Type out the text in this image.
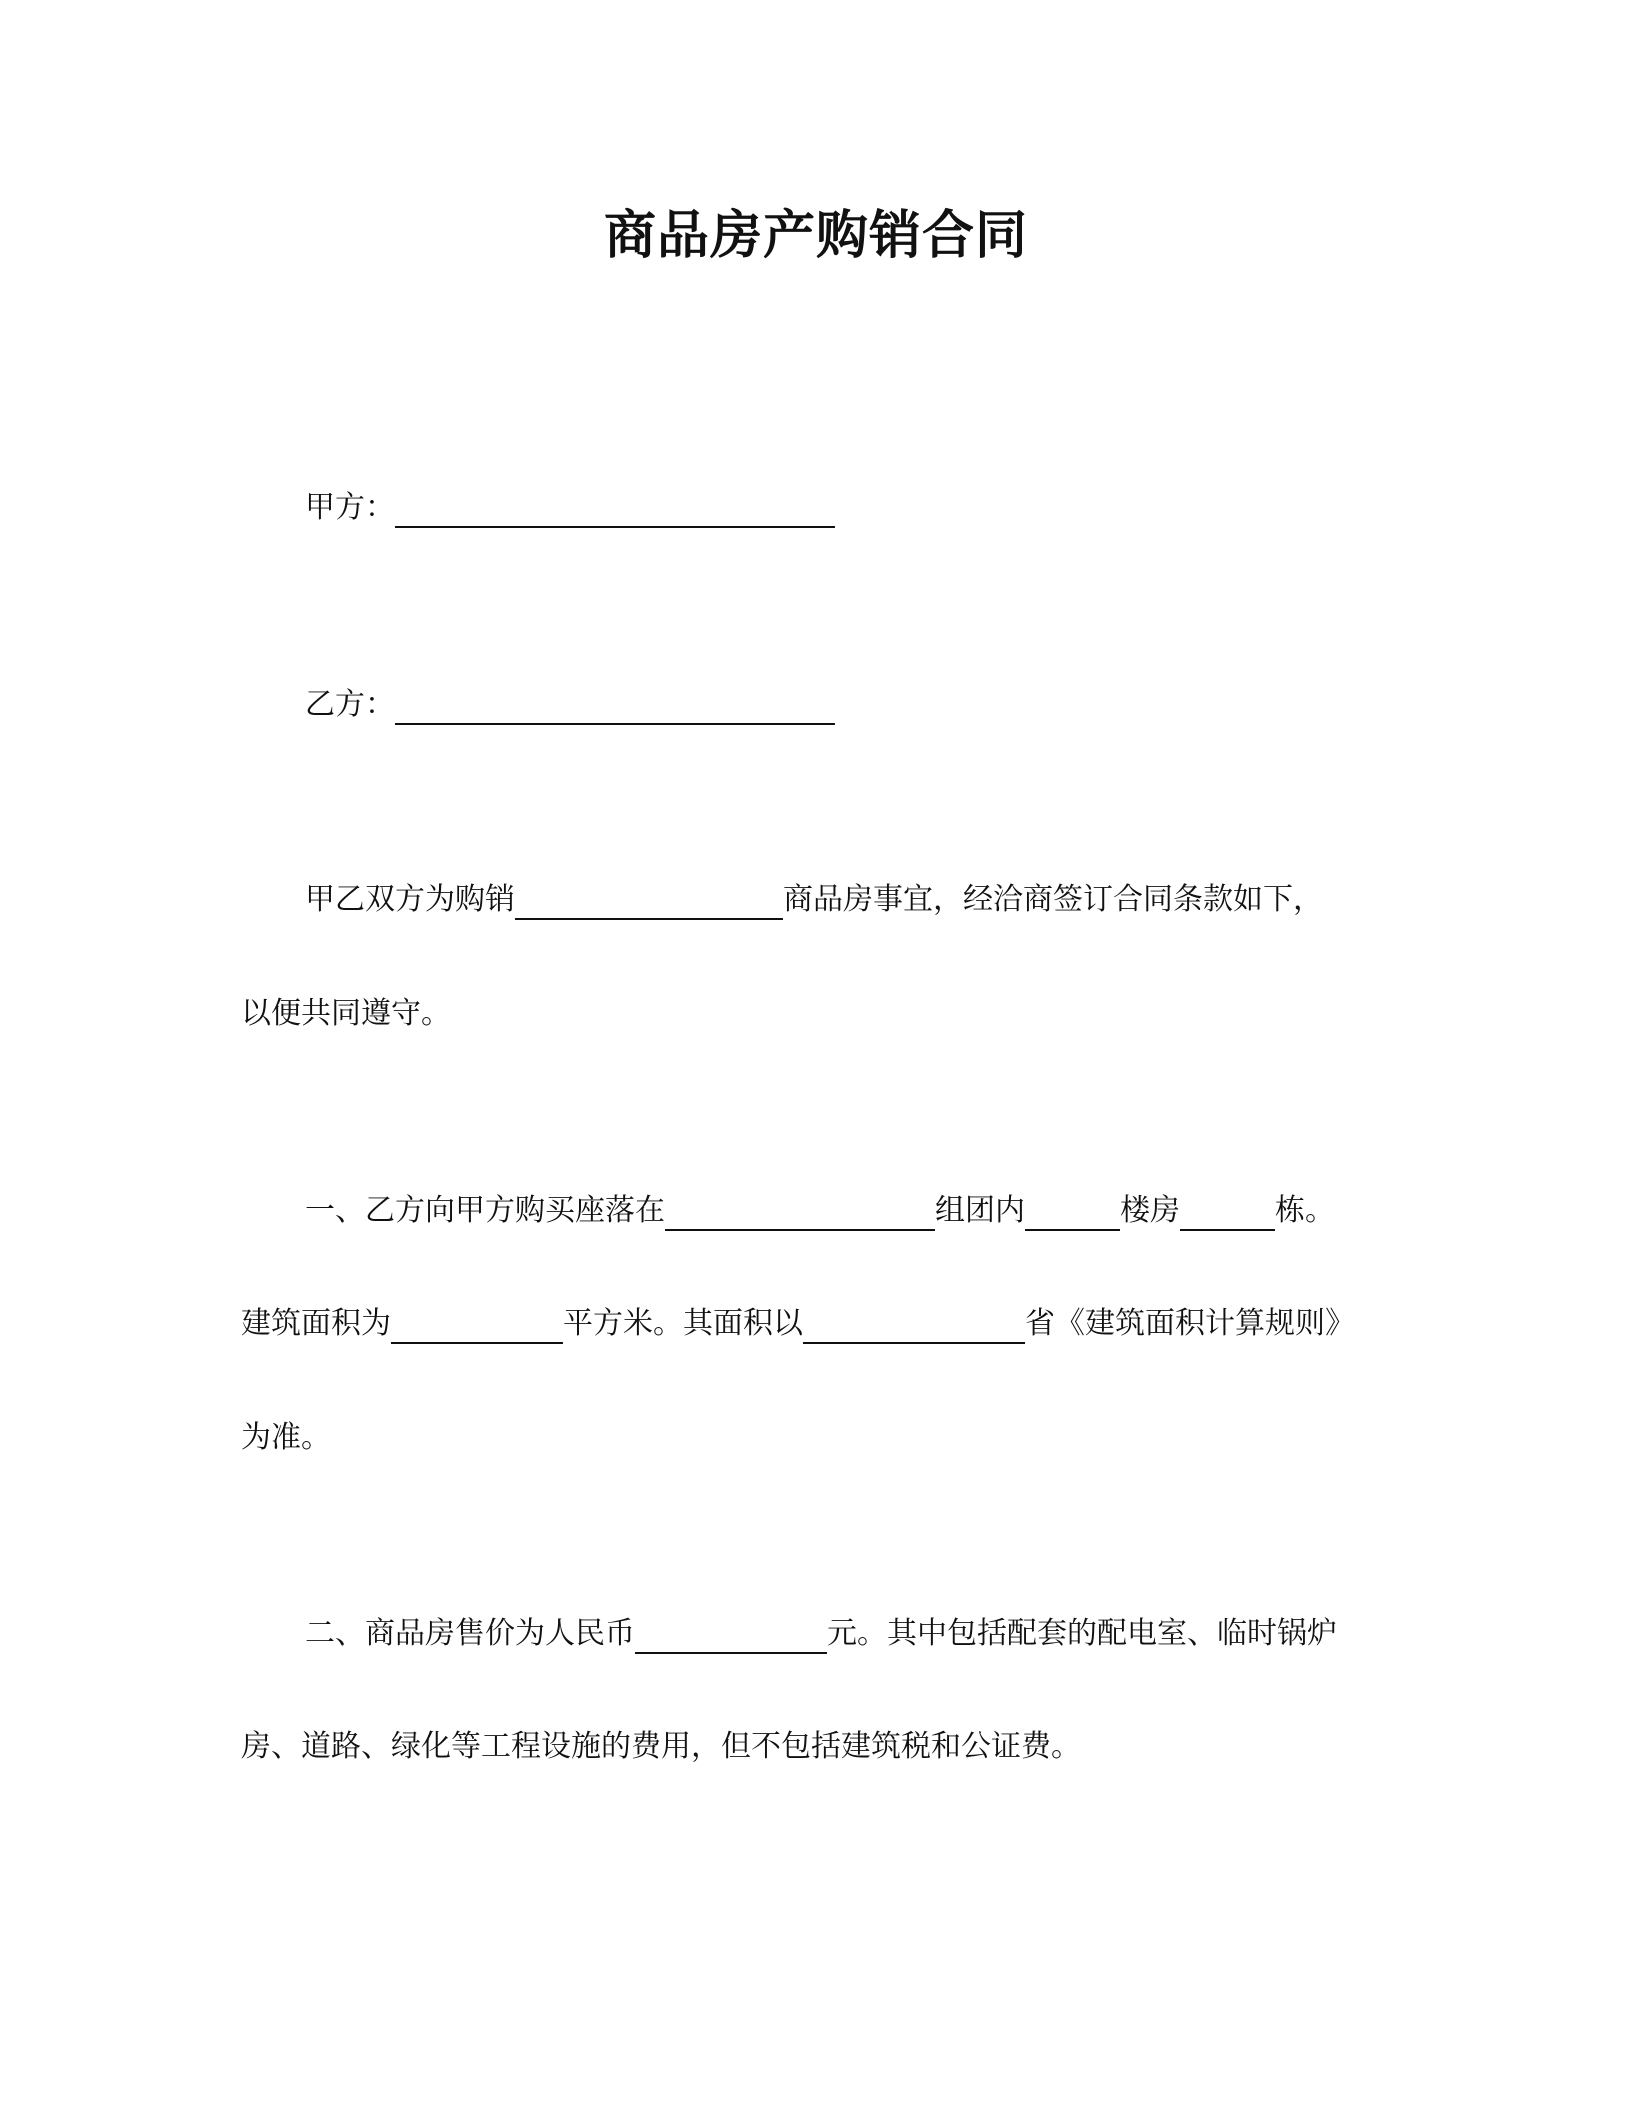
商品房产购销合同
甲方：
乙方：
甲乙双方为购销	商品房事宜，经洽商签订合同条款如下，
以便共同遵守。
一、乙方向甲方购买座落在	组团内	楼房	栋。
建筑面积为	平方米。其面积以	省《建筑面积计算规则》
为准。
二、商品房售价为人民币	元。其中包括配套的配电室、临时锅炉
房、道路、绿化等工程设施的费用，但不包括建筑税和公证费。
